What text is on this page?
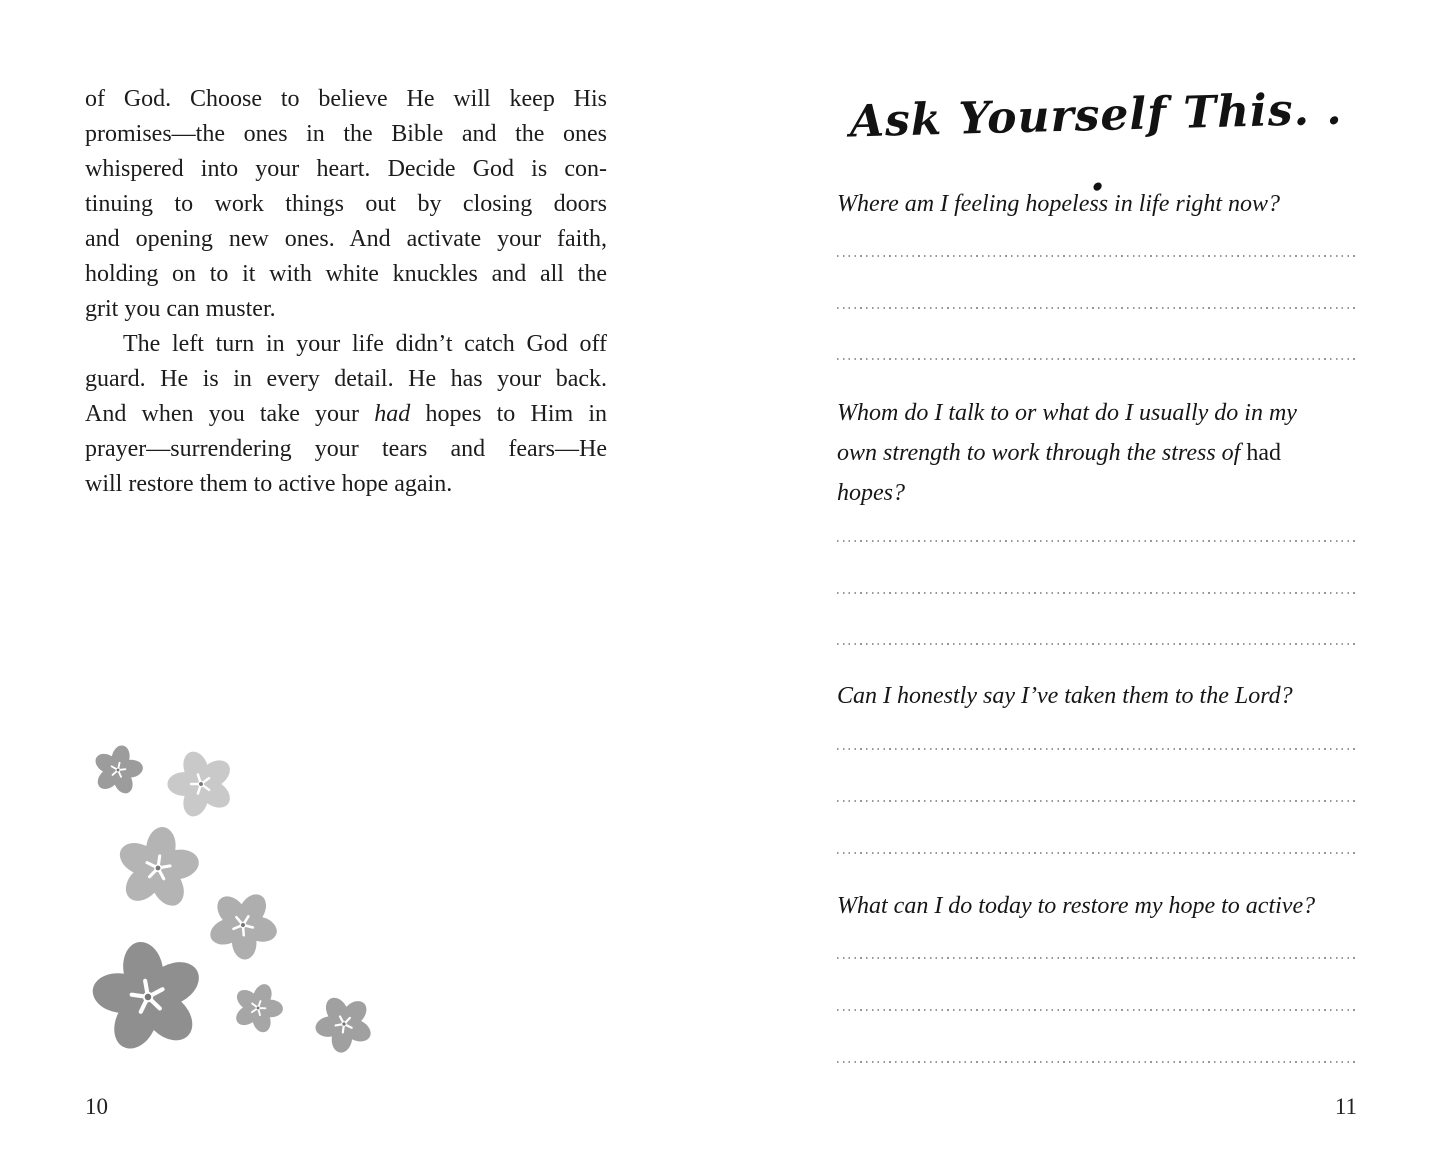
of God. Choose to believe He will keep His
promises—the ones in the Bible and the ones
whispered into your heart. Decide God is con-
tinuing to work things out by closing doors
and opening new ones. And activate your faith,
holding on to it with white knuckles and all the
grit you can muster.
The left turn in your life didn’t catch God off
guard. He is in every detail. He has your back.
And when you take your had hopes to Him in
prayer—surrendering your tears and fears—He
will restore them to active hope again.
10
Ask Yourself This. . .
Where am I feeling hopeless in life right now?
Whom do I talk to or what do I usually do in my
own strength to work through the stress of had
hopes?
Can I honestly say I’ve taken them to the Lord?
What can I do today to restore my hope to active?
11
